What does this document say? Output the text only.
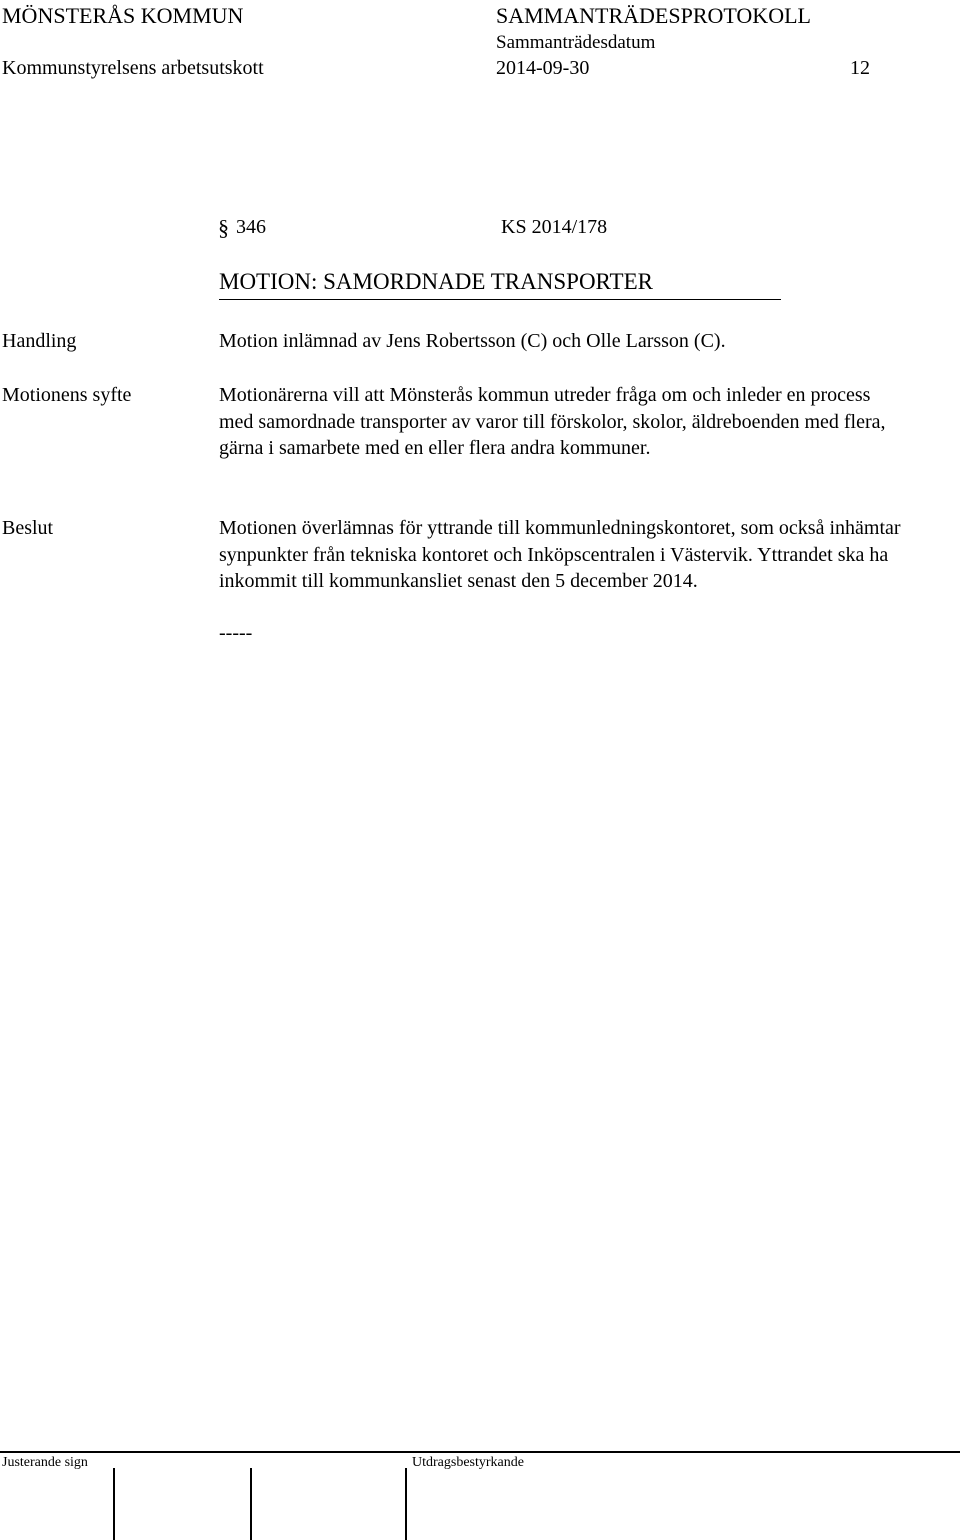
MÖNSTERÅS KOMMUN	SAMMANTRÄDESPROTOKOLL
Sammanträdesdatum
Kommunstyrelsens arbetsutskott	2014-09-30	12
§ 346	KS 2014/178
MOTION: SAMORDNADE TRANSPORTER
Handling	Motion inlämnad av Jens Robertsson (C) och Olle Larsson (C).
Motionens syfte	Motionärerna vill att Mönsterås kommun utreder fråga om och inleder en process med samordnade transporter av varor till förskolor, skolor, äldreboenden med flera, gärna i samarbete med en eller flera andra kommuner.
Beslut	Motionen överlämnas för yttrande till kommunledningskontoret, som också inhämtar synpunkter från tekniska kontoret och Inköpscentralen i Västervik. Yttrandet ska ha inkommit till kommunkansliet senast den 5 december 2014.
-----
Justerande sign	Utdragsbestyrkande
